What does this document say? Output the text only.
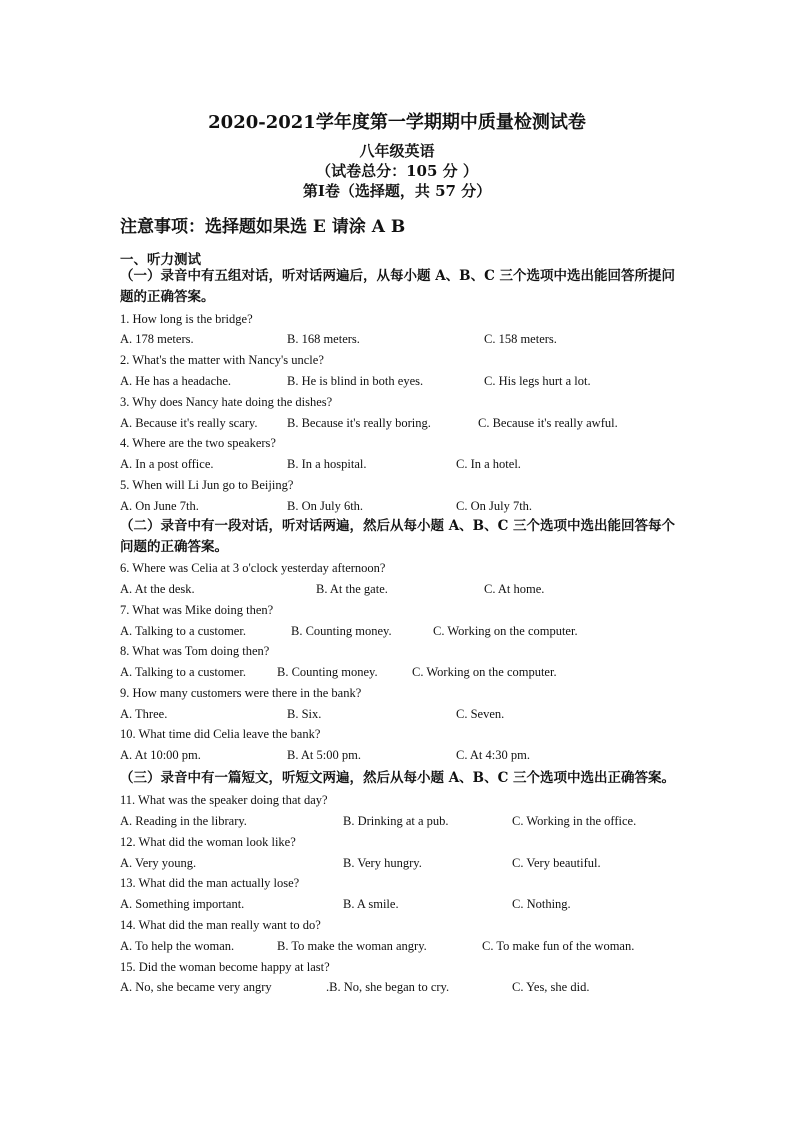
2020-2021学年度第一学期期中质量检测试卷
八年级英语
（试卷总分：105 分 ）
第Ⅰ卷（选择题，共 57 分）
注意事项：选择题如果选 E 请涂 A B
一、听力测试
（一）录音中有五组对话，听对话两遍后，从每小题 A、B、C 三个选项中选出能回答所提问题的正确答案。
1. How long is the bridge?
A. 178 meters.	B. 168 meters.	C. 158 meters.
2. What's the matter with Nancy's uncle?
A. He has a headache.	B. He is blind in both eyes.	C. His legs hurt a lot.
3. Why does Nancy hate doing the dishes?
A. Because it's really scary. B. Because it's really boring.	C. Because it's really awful.
4. Where are the two speakers?
A. In a post office.	B. In a hospital.	C. In a hotel.
5. When will Li Jun go to Beijing?
A. On June 7th.	B. On July 6th.	C. On July 7th.
（二）录音中有一段对话，听对话两遍，然后从每小题 A、B、C 三个选项中选出能回答每个问题的正确答案。
6. Where was Celia at 3 o'clock yesterday afternoon?
A. At the desk.	B. At the gate.	C. At home.
7. What was Mike doing then?
A. Talking to a customer.	B. Counting money.	C. Working on the computer.
8. What was Tom doing then?
A. Talking to a customer. B. Counting money.	C. Working on the computer.
9. How many customers were there in the bank?
A. Three.	B. Six.	C. Seven.
10. What time did Celia leave the bank?
A. At 10:00 pm.	B. At 5:00 pm.	C. At 4:30 pm.
（三）录音中有一篇短文，听短文两遍，然后从每小题 A、B、C 三个选项中选出正确答案。
11. What was the speaker doing that day?
A. Reading in the library.	B. Drinking at a pub.	C. Working in the office.
12. What did the woman look like?
A. Very young.	B. Very hungry.	C. Very beautiful.
13. What did the man actually lose?
A. Something important.	B. A smile.	C. Nothing.
14. What did the man really want to do?
A. To help the woman.	B. To make the woman angry.	C. To make fun of the woman.
15. Did the woman become happy at last?
A. No, she became very angry	.B. No, she began to cry.	C. Yes, she did.
